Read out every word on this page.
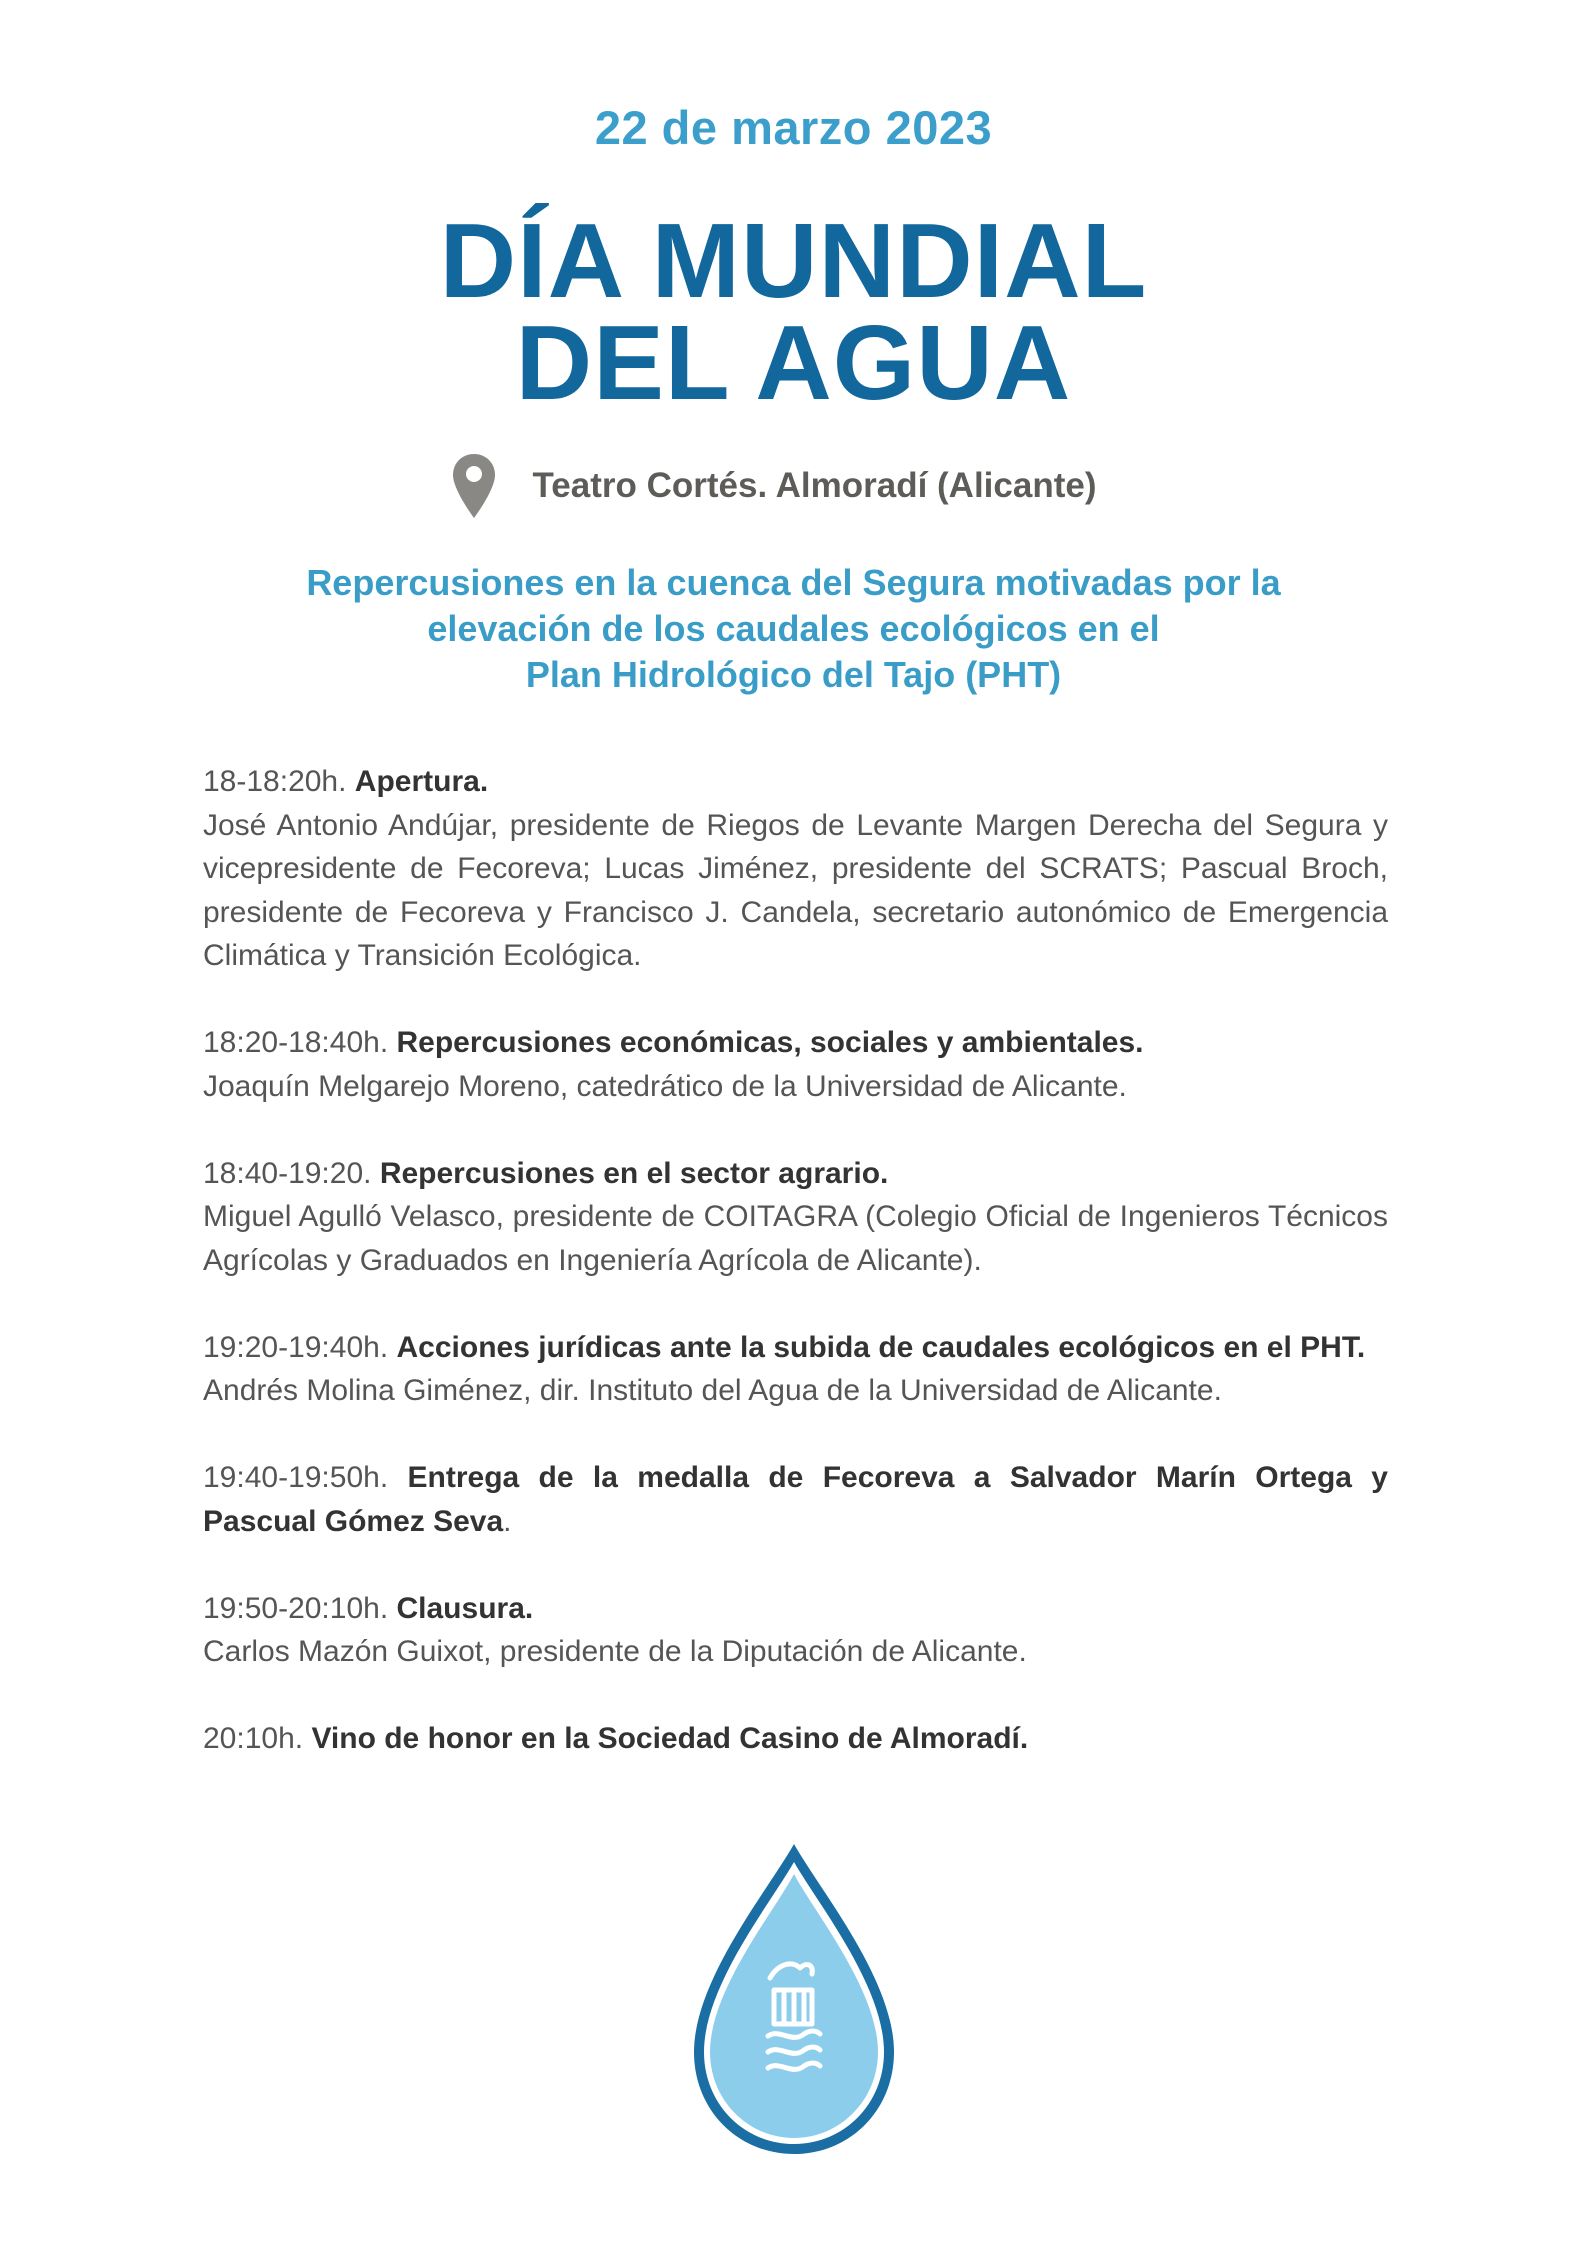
22 de marzo 2023
DÍA MUNDIAL
DEL AGUA
Teatro Cortés. Almoradí (Alicante)
Repercusiones en la cuenca del Segura motivadas por la
elevación de los caudales ecológicos en el
Plan Hidrológico del Tajo (PHT)
18-18:20h. Apertura.
José Antonio Andújar, presidente de Riegos de Levante Margen Derecha del Segura y vicepresidente de Fecoreva; Lucas Jiménez, presidente del SCRATS; Pascual Broch, presidente de Fecoreva y Francisco J. Candela, secretario autonómico de Emergencia Climática y Transición Ecológica.
18:20-18:40h. Repercusiones económicas, sociales y ambientales.
Joaquín Melgarejo Moreno, catedrático de la Universidad de Alicante.
18:40-19:20. Repercusiones en el sector agrario.
Miguel Agulló Velasco, presidente de COITAGRA (Colegio Oficial de Ingenieros Técnicos Agrícolas y Graduados en Ingeniería Agrícola de Alicante).
19:20-19:40h. Acciones jurídicas ante la subida de caudales ecológicos en el PHT.
Andrés Molina Giménez, dir. Instituto del Agua de la Universidad de Alicante.
19:40-19:50h. Entrega de la medalla de Fecoreva a Salvador Marín Ortega y Pascual Gómez Seva.
19:50-20:10h. Clausura.
Carlos Mazón Guixot, presidente de la Diputación de Alicante.
20:10h. Vino de honor en la Sociedad Casino de Almoradí.
